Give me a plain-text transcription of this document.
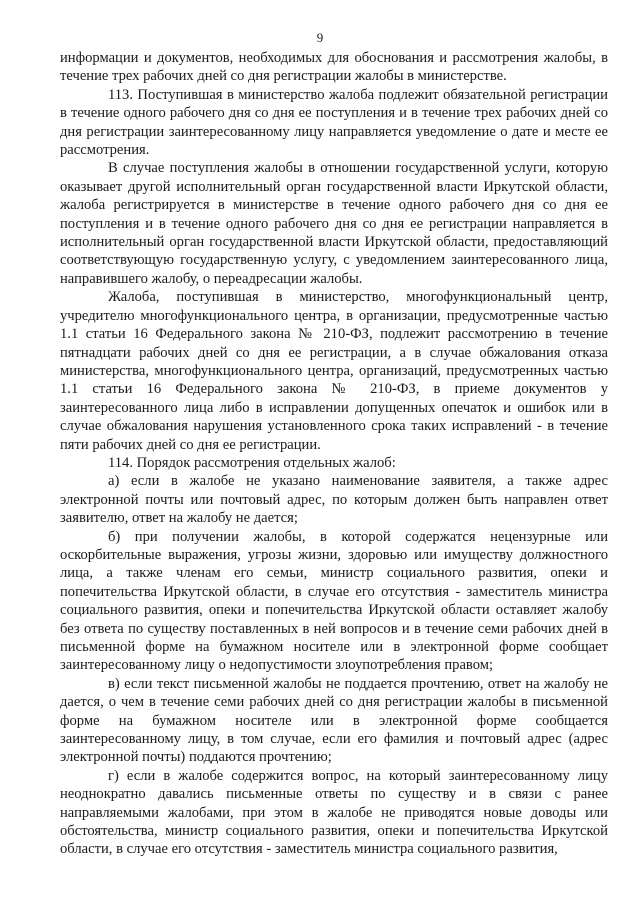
9

информации и документов, необходимых для обоснования и рассмотрения жалобы, в течение трех рабочих дней со дня регистрации жалобы в министерстве.

113. Поступившая в министерство жалоба подлежит обязательной регистрации в течение одного рабочего дня со дня ее поступления и в течение трех рабочих дней со дня регистрации заинтересованному лицу направляется уведомление о дате и месте ее рассмотрения.

В случае поступления жалобы в отношении государственной услуги, которую оказывает другой исполнительный орган государственной власти Иркутской области, жалоба регистрируется в министерстве в течение одного рабочего дня со дня ее поступления и в течение одного рабочего дня со дня ее регистрации направляется в исполнительный орган государственной власти Иркутской области, предоставляющий соответствующую государственную услугу, с уведомлением заинтересованного лица, направившего жалобу, о переадресации жалобы.

Жалоба, поступившая в министерство, многофункциональный центр, учредителю многофункционального центра, в организации, предусмотренные частью 1.1 статьи 16 Федерального закона № 210-ФЗ, подлежит рассмотрению в течение пятнадцати рабочих дней со дня ее регистрации, а в случае обжалования отказа министерства, многофункционального центра, организаций, предусмотренных частью 1.1 статьи 16 Федерального закона № 210-ФЗ, в приеме документов у заинтересованного лица либо в исправлении допущенных опечаток и ошибок или в случае обжалования нарушения установленного срока таких исправлений - в течение пяти рабочих дней со дня ее регистрации.

114. Порядок рассмотрения отдельных жалоб:

а) если в жалобе не указано наименование заявителя, а также адрес электронной почты или почтовый адрес, по которым должен быть направлен ответ заявителю, ответ на жалобу не дается;

б) при получении жалобы, в которой содержатся нецензурные или оскорбительные выражения, угрозы жизни, здоровью или имуществу должностного лица, а также членам его семьи, министр социального развития, опеки и попечительства Иркутской области, в случае его отсутствия - заместитель министра социального развития, опеки и попечительства Иркутской области оставляет жалобу без ответа по существу поставленных в ней вопросов и в течение семи рабочих дней в письменной форме на бумажном носителе или в электронной форме сообщает заинтересованному лицу о недопустимости злоупотребления правом;

в) если текст письменной жалобы не поддается прочтению, ответ на жалобу не дается, о чем в течение семи рабочих дней со дня регистрации жалобы в письменной форме на бумажном носителе или в электронной форме сообщается заинтересованному лицу, в том случае, если его фамилия и почтовый адрес (адрес электронной почты) поддаются прочтению;

г) если в жалобе содержится вопрос, на который заинтересованному лицу неоднократно давались письменные ответы по существу и в связи с ранее направляемыми жалобами, при этом в жалобе не приводятся новые доводы или обстоятельства, министр социального развития, опеки и попечительства Иркутской области, в случае его отсутствия - заместитель министра социального развития,
